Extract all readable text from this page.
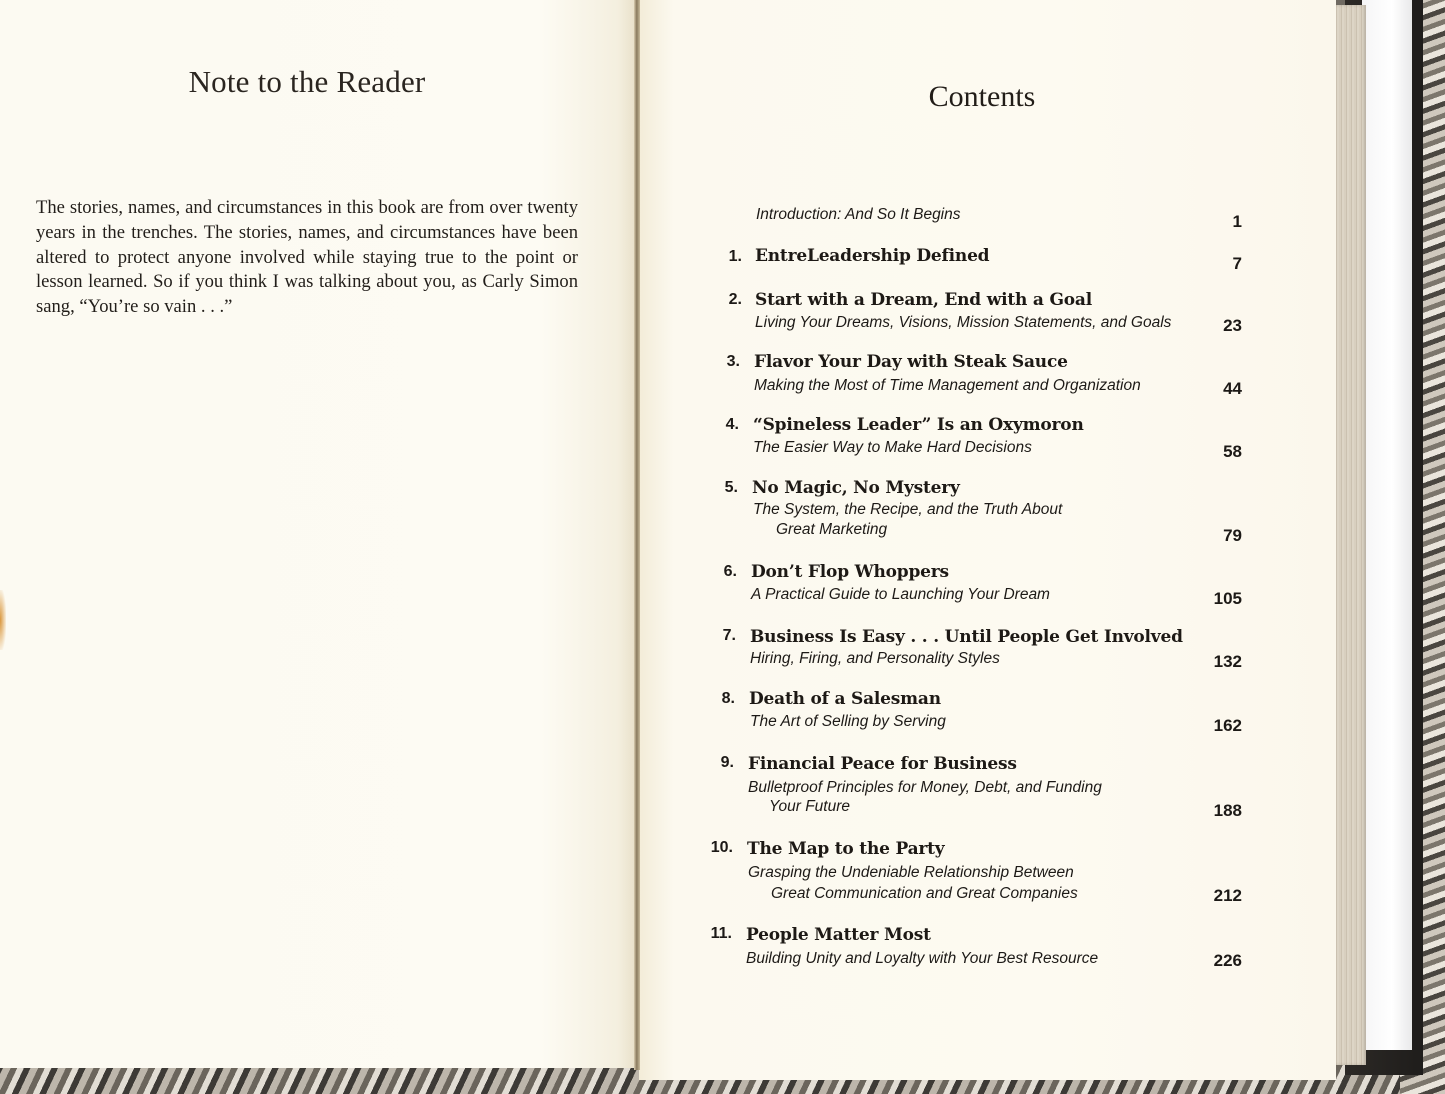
Note to the Reader
The stories, names, and circumstances in this book are from over twenty years in the trenches. The stories, names, and circumstances have been altered to protect anyone involved while staying true to the point or lesson learned. So if you think I was talking about you, as Carly Simon sang, “You’re so vain . . .”
Contents
Introduction: And So It Begins	1
1. EntreLeadership Defined	7
2. Start with a Dream, End with a Goal
Living Your Dreams, Visions, Mission Statements, and Goals	23
3. Flavor Your Day with Steak Sauce
Making the Most of Time Management and Organization	44
4. “Spineless Leader” Is an Oxymoron
The Easier Way to Make Hard Decisions	58
5. No Magic, No Mystery
The System, the Recipe, and the Truth About
Great Marketing	79
6. Don’t Flop Whoppers
A Practical Guide to Launching Your Dream	105
7. Business Is Easy . . . Until People Get Involved
Hiring, Firing, and Personality Styles	132
8. Death of a Salesman
The Art of Selling by Serving	162
9. Financial Peace for Business
Bulletproof Principles for Money, Debt, and Funding
Your Future	188
10. The Map to the Party
Grasping the Undeniable Relationship Between
Great Communication and Great Companies	212
11. People Matter Most
Building Unity and Loyalty with Your Best Resource	226
